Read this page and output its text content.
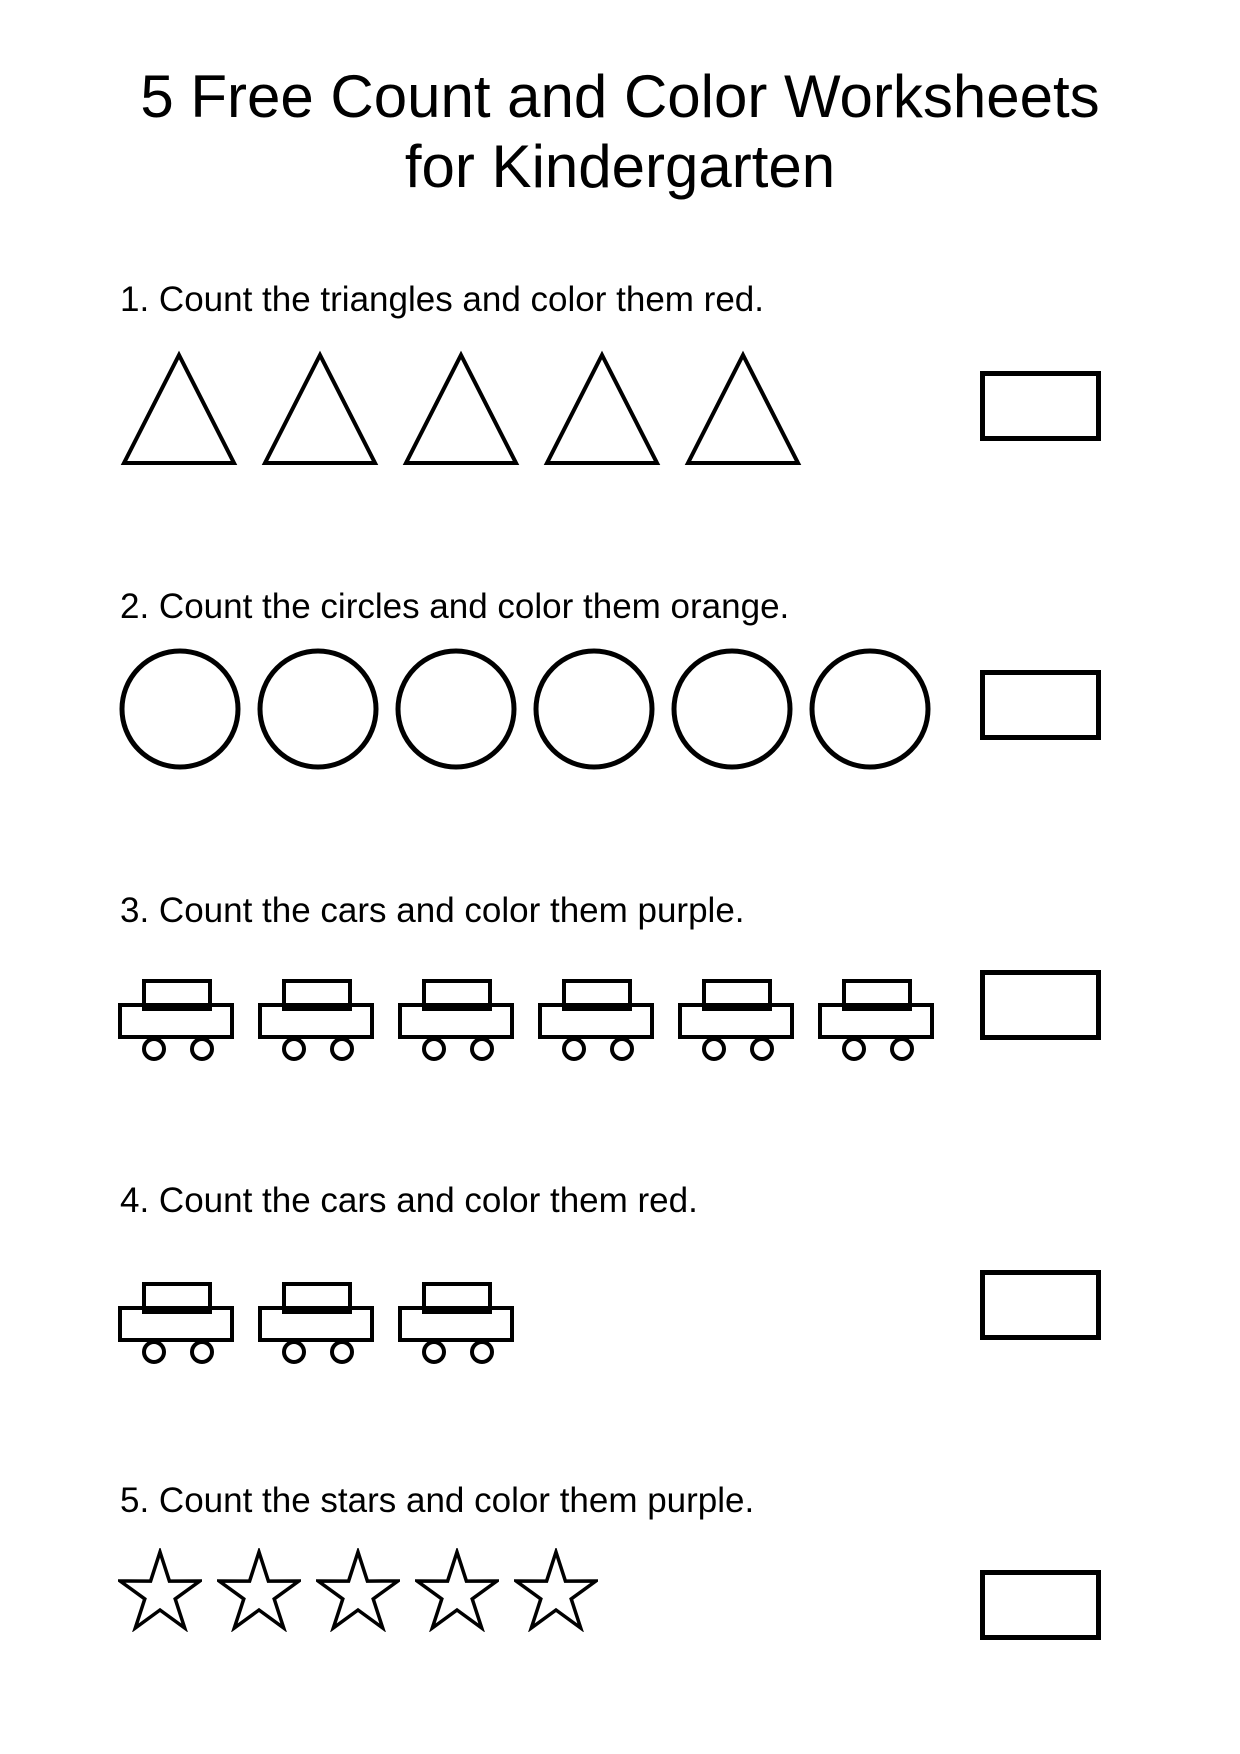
5 Free Count and Color Worksheets
for Kindergarten

1. Count the triangles and color them red.

2. Count the circles and color them orange.

3. Count the cars and color them purple.

4. Count the cars and color them red.

5. Count the stars and color them purple.
